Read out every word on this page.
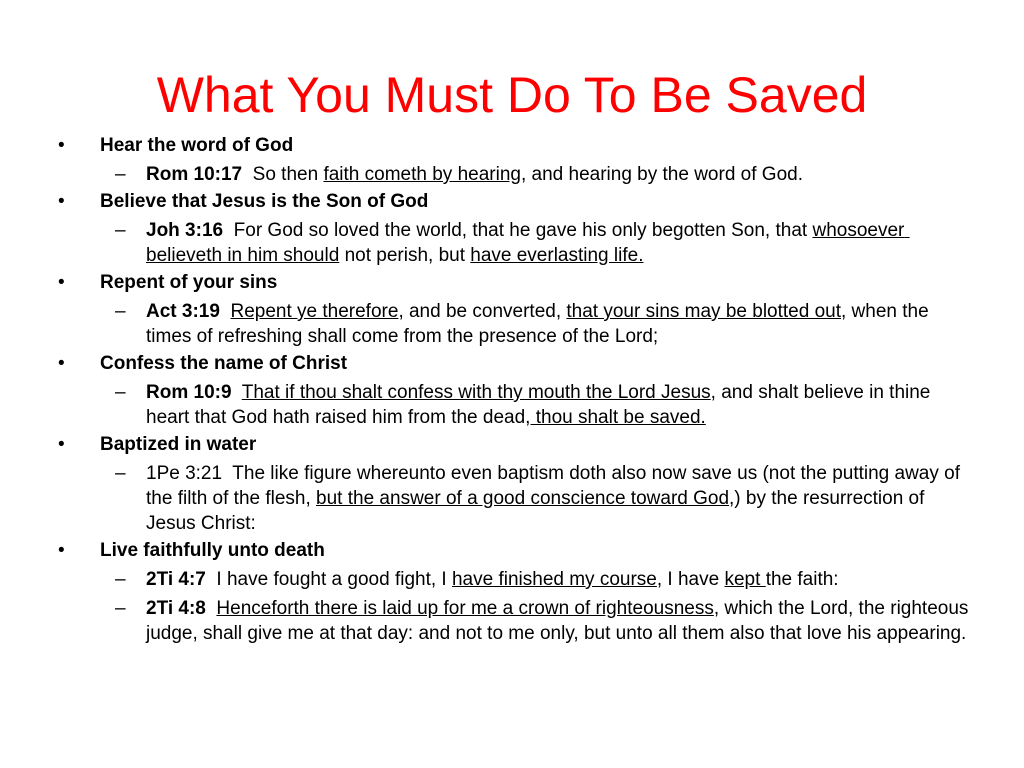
What You Must Do To Be Saved
• Hear the word of God
– Rom 10:17  So then faith cometh by hearing, and hearing by the word of God.
• Believe that Jesus is the Son of God
– Joh 3:16  For God so loved the world, that he gave his only begotten Son, that whosoever believeth in him should not perish, but have everlasting life.
• Repent of your sins
– Act 3:19 Repent ye therefore, and be converted, that your sins may be blotted out, when the times of refreshing shall come from the presence of the Lord;
• Confess the name of Christ
– Rom 10:9 That if thou shalt confess with thy mouth the Lord Jesus, and shalt believe in thine heart that God hath raised him from the dead, thou shalt be saved.
• Baptized in water
– 1Pe 3:21  The like figure whereunto even baptism doth also now save us (not the putting away of the filth of the flesh, but the answer of a good conscience toward God,) by the resurrection of Jesus Christ:
• Live faithfully unto death
– 2Ti 4:7  I have fought a good fight, I have finished my course, I have kept the faith:
– 2Ti 4:8 Henceforth there is laid up for me a crown of righteousness, which the Lord, the righteous judge, shall give me at that day: and not to me only, but unto all them also that love his appearing.
